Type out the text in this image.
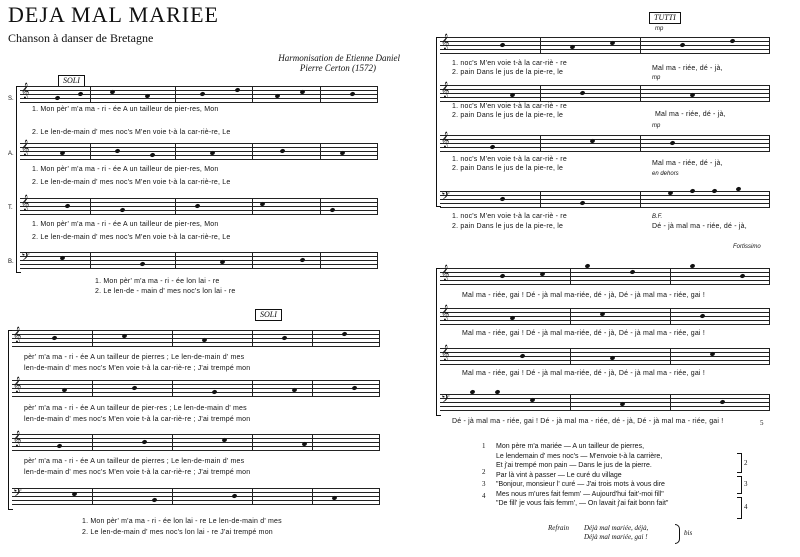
DEJA MAL MARIEE
Chanson à danser de Bretagne
Harmonisation de Etienne Daniel
Pierre Certon (1572)
SOLI
SOLI
TUTTI
S.
A.
T.
B.
𝄞
1. Mon pèr' m'a ma - ri - ée A un tailleur de pier-res, Mon
2. Le len-de-main d' mes noc's M'en voie t-à la car-riè-re, Le
𝄞
1. Mon pèr' m'a ma - ri - ée A un tailleur de pier-res, Mon
2. Le len-de-main d' mes noc's M'en voie t-à la car-riè-re, Le
𝄞
1. Mon pèr' m'a ma - ri - ée A un tailleur de pier-res, Mon
2. Le len-de-main d' mes noc's M'en voie t-à la car-riè-re, Le
𝄢
1. Mon pèr' m'a ma - ri - ée lon lai - re
2. Le len-de - main d' mes noc's lon lai - re
𝄞
pèr' m'a ma - ri - ée A un tailleur de pierres ; Le len-de-main d' mes
len-de-main d' mes noc's M'en voie t-à la car-riè-re ; J'ai trempé mon
𝄞
pèr' m'a ma - ri - ée A un tailleur de pier-res ; Le len-de-main d' mes
len-de-main d' mes noc's M'en voie t-à la car-riè-re ; J'ai trempé mon
𝄞
pèr' m'a ma - ri - ée A un tailleur de pierres ; Le len-de-main d' mes
len-de-main d' mes noc's M'en voie t-à la car-riè-re ; J'ai trempé mon
𝄢
1. Mon pèr' m'a ma - ri - ée lon lai - re Le len-de-main d' mes
2. Le len-de-main d' mes noc's lon lai - re J'ai trempé mon
mp
𝄞
1. noc's M'en voie t-à la car-riè - re
2. pain Dans le jus de la pie-re, le
Mal ma - riée, dé - jà,
mp
𝄞
1. noc's M'en voie t-à la car-riè - re
2. pain Dans le jus de la pie-re, le	Mal ma - riée, dé - jà,
mp
𝄞
1. noc's M'en voie t-à la car-riè - re
2. pain Dans le jus de la pie-re, le
Mal ma - riée, dé - jà,
en dehors
𝄢
1. noc's M'en voie t-à la car-riè - re
2. pain Dans le jus de la pie-re, le
B.F.
Dé - jà mal ma - riée, dé - jà,
Fortissimo
𝄞
Mal ma - riée, gai ! Dé - jà mal ma-riée, dé - jà, Dé - jà mal ma - riée, gai !
𝄞
Mal ma - riée, gai ! Dé - jà mal ma-riée, dé - jà, Dé - jà mal ma - riée, gai !
𝄞
Mal ma - riée, gai ! Dé - jà mal ma-riée, dé - jà, Dé - jà mal ma - riée, gai !
𝄢
Dé - jà mal ma - riée, gai ! Dé - jà mal ma - riée, dé - jà, Dé - jà mal ma - riée, gai !	5
1
2
3
4
Mon père m'a mariée — A un tailleur de pierres,
Le lendemain d' mes noc's — M'envoie t-à la carrière,
Et j'ai trempé mon pain — Dans le jus de la pierre.
Par là vint à passer — Le curé du village
"Bonjour, monsieur l' curé — J'ai trois mots à vous dire
Mes nous m'ures fait femm' — Aujourd'hui fait'-moi fill"
"De fill' je vous fais femm', — On lavait j'ai fait bonn fait"
2
3
4
Refrain Déjà mal mariée, déjà,
Déjà mal mariée, gai !	bis
